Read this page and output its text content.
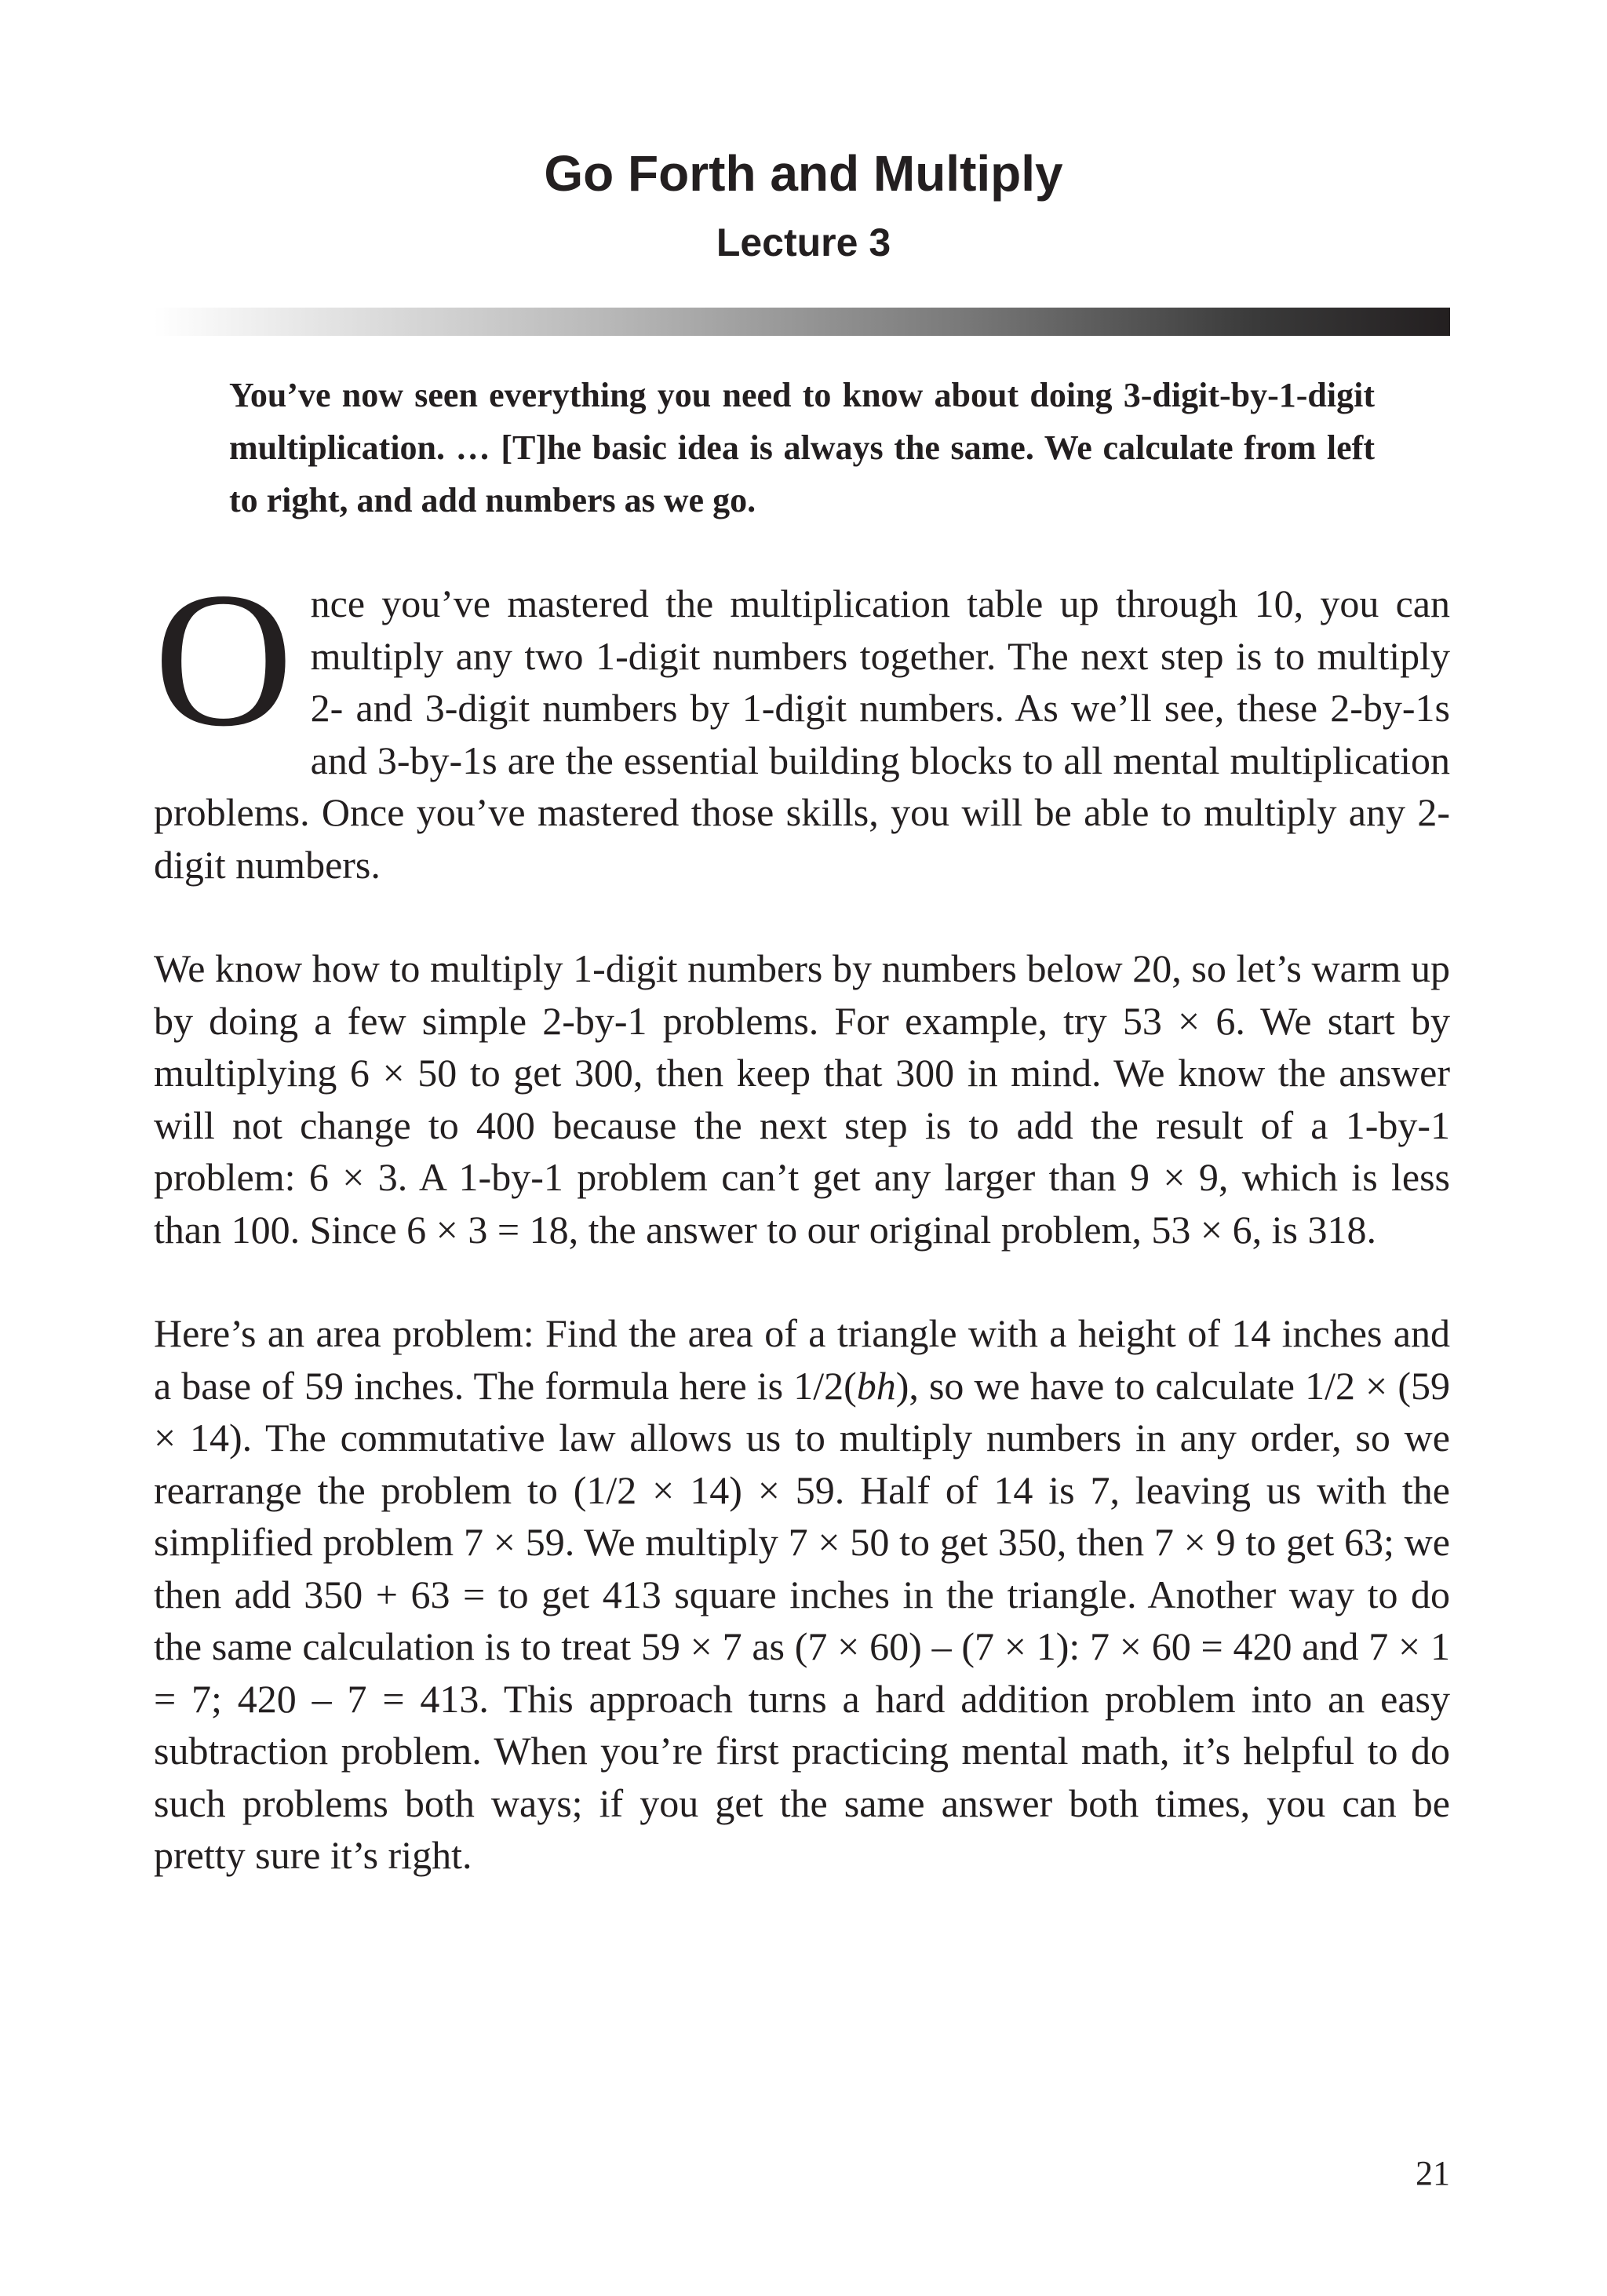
Go Forth and Multiply
Lecture 3

You’ve now seen everything you need to know about doing 3-digit-by-1-digit multiplication. … [T]he basic idea is always the same. We calculate from left to right, and add numbers as we go.

Once you’ve mastered the multiplication table up through 10, you can multiply any two 1-digit numbers together. The next step is to multiply 2- and 3-digit numbers by 1-digit numbers. As we’ll see, these 2-by-1s and 3-by-1s are the essential building blocks to all mental multiplication problems. Once you’ve mastered those skills, you will be able to multiply any 2-digit numbers.

We know how to multiply 1-digit numbers by numbers below 20, so let’s warm up by doing a few simple 2-by-1 problems. For example, try 53 × 6. We start by multiplying 6 × 50 to get 300, then keep that 300 in mind. We know the answer will not change to 400 because the next step is to add the result of a 1-by-1 problem: 6 × 3. A 1-by-1 problem can’t get any larger than 9 × 9, which is less than 100. Since 6 × 3 = 18, the answer to our original problem, 53 × 6, is 318.

Here’s an area problem: Find the area of a triangle with a height of 14 inches and a base of 59 inches. The formula here is 1/2(bh), so we have to calculate 1/2 × (59 × 14). The commutative law allows us to multiply numbers in any order, so we rearrange the problem to (1/2 × 14) × 59. Half of 14 is 7, leaving us with the simplified problem 7 × 59. We multiply 7 × 50 to get 350, then 7 × 9 to get 63; we then add 350 + 63 = to get 413 square inches in the triangle. Another way to do the same calculation is to treat 59 × 7 as (7 × 60) – (7 × 1): 7 × 60 = 420 and 7 × 1 = 7; 420 – 7 = 413. This approach turns a hard addition problem into an easy subtraction problem. When you’re first practicing mental math, it’s helpful to do such problems both ways; if you get the same answer both times, you can be pretty sure it’s right.

21
